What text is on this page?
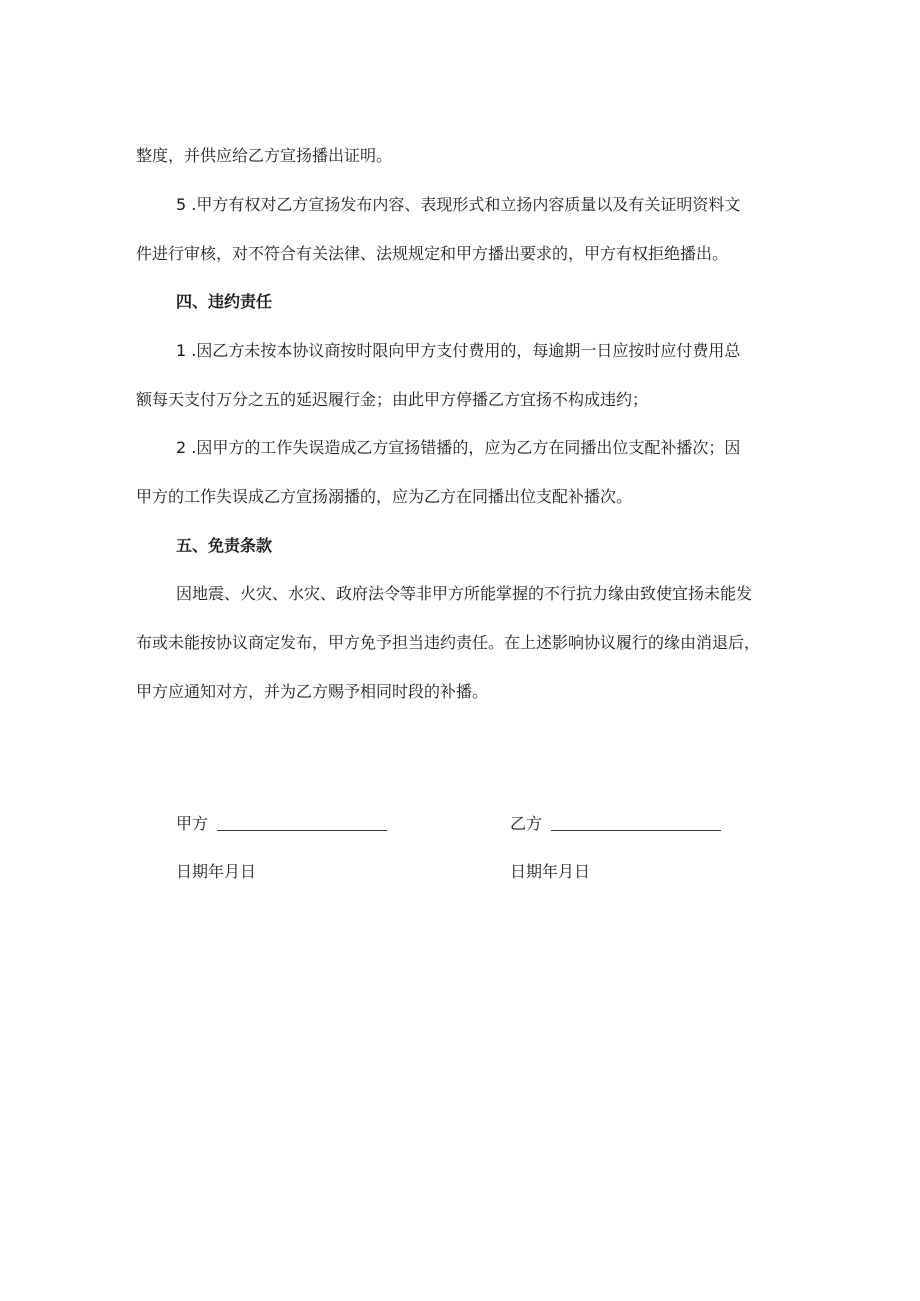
整度，并供应给乙方宣扬播出证明。
5 .甲方有权对乙方宣扬发布内容、表现形式和立扬内容质量以及有关证明资料文
件进行审核，对不符合有关法律、法规规定和甲方播出要求的，甲方有权拒绝播出。
四、违约责任
1 .因乙方未按本协议商按时限向甲方支付费用的，每逾期一日应按时应付费用总
额每天支付万分之五的延迟履行金；由此甲方停播乙方宜扬不构成违约；
2 .因甲方的工作失误造成乙方宣扬错播的，应为乙方在同播出位支配补播次；因
甲方的工作失误成乙方宣扬溺播的，应为乙方在同播出位支配补播次。
五、免责条款
因地震、火灾、水灾、政府法令等非甲方所能掌握的不行抗力缘由致使宜扬未能发
布或未能按协议商定发布，甲方免予担当违约责任。在上述影响协议履行的缘由消退后，
甲方应通知对方，并为乙方赐予相同时段的补播。
甲方	乙方
日期年月日	日期年月日
